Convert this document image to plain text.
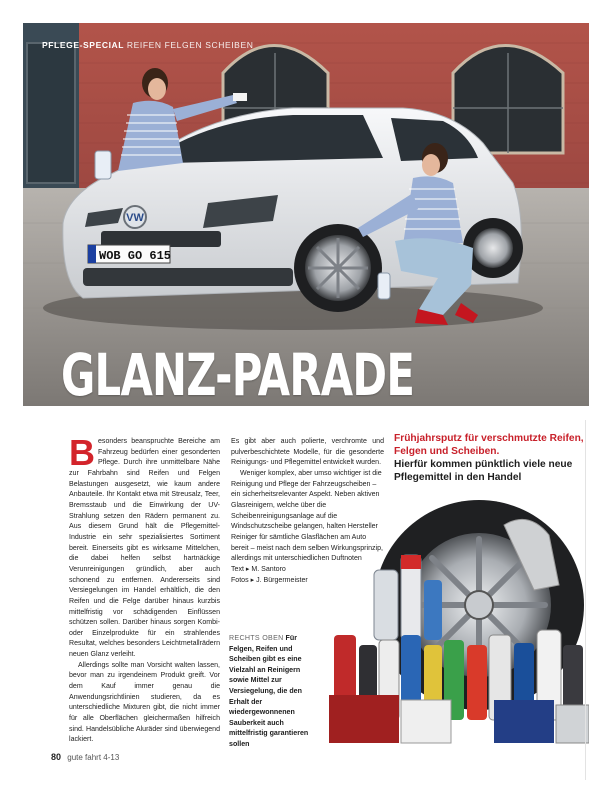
VW
WOB GO 615
PFLEGE-SPECIAL REIFEN FELGEN SCHEIBEN
GLANZ-PARADE

Besonders beanspruchte Bereiche am Fahrzeug bedürfen einer gesonderten Pflege. Durch ihre unmittelbare Nähe zur Fahrbahn sind Reifen und Felgen Belastungen ausgesetzt, wie kaum andere Anbauteile. Ihr Kontakt etwa mit Streusalz, Teer, Bremsstaub und die Einwirkung der UV-Strahlung setzen den Rädern permanent zu. Aus diesem Grund hält die Pflegemittel-Industrie ein sehr spezialisiertes Sortiment bereit. Einerseits gibt es wirksame Mittelchen, die dabei helfen selbst hartnäckige Verunreinigungen gründlich, aber auch schonend zu entfernen. Andererseits sind Versiegelungen im Handel erhältlich, die den Reifen und die Felge darüber hinaus kurzbis mittelfristig vor schädigenden Einflüssen schützen sollen. Darüber hinaus sorgen Kombi- oder Einzelprodukte für ein strahlendes Resultat, welches besonders Leichtmetallrädern neuen Glanz verleiht.

Allerdings sollte man Vorsicht walten lassen, bevor man zu irgendeinem Produkt greift. Vor dem Kauf immer genau die Anwendungsrichtlinien studieren, da es unterschiedliche Mixturen gibt, die nicht immer für alle Oberflächen gleichermaßen hilfreich sind. Handelsübliche Aluräder sind überwiegend lackiert.

Es gibt aber auch polierte, verchromte und pulverbeschichtete Modelle, für die gesonderte Reinigungs- und Pflegemittel entwickelt wurden.

Weniger komplex, aber umso wichtiger ist die Reinigung und Pflege der Fahrzeugscheiben – ein sicherheitsrelevanter Aspekt. Neben aktiven Glasreinigern, welche über die Scheibenreinigungsanlage auf die Windschutzscheibe gelangen, halten Hersteller Reiniger für sämtliche Glasflächen am Auto bereit – meist nach dem selben Wirkungsprinzip, allerdings mit unterschiedlichen Duftnoten

Text ▸ M. Santoro

Fotos ▸ J. Bürgermeister

Frühjahrsputz für verschmutzte Reifen, Felgen und Scheiben.
Hierfür kommen pünktlich viele neue Pflegemittel in den Handel
RECHTS OBEN Für Felgen, Reifen und Scheiben gibt es eine Vielzahl an Reinigern sowie Mittel zur Versiegelung, die den Erhalt der wiedergewonnenen Sauberkeit auch mittelfristig garantieren sollen
80 gute fahrt 4-13
